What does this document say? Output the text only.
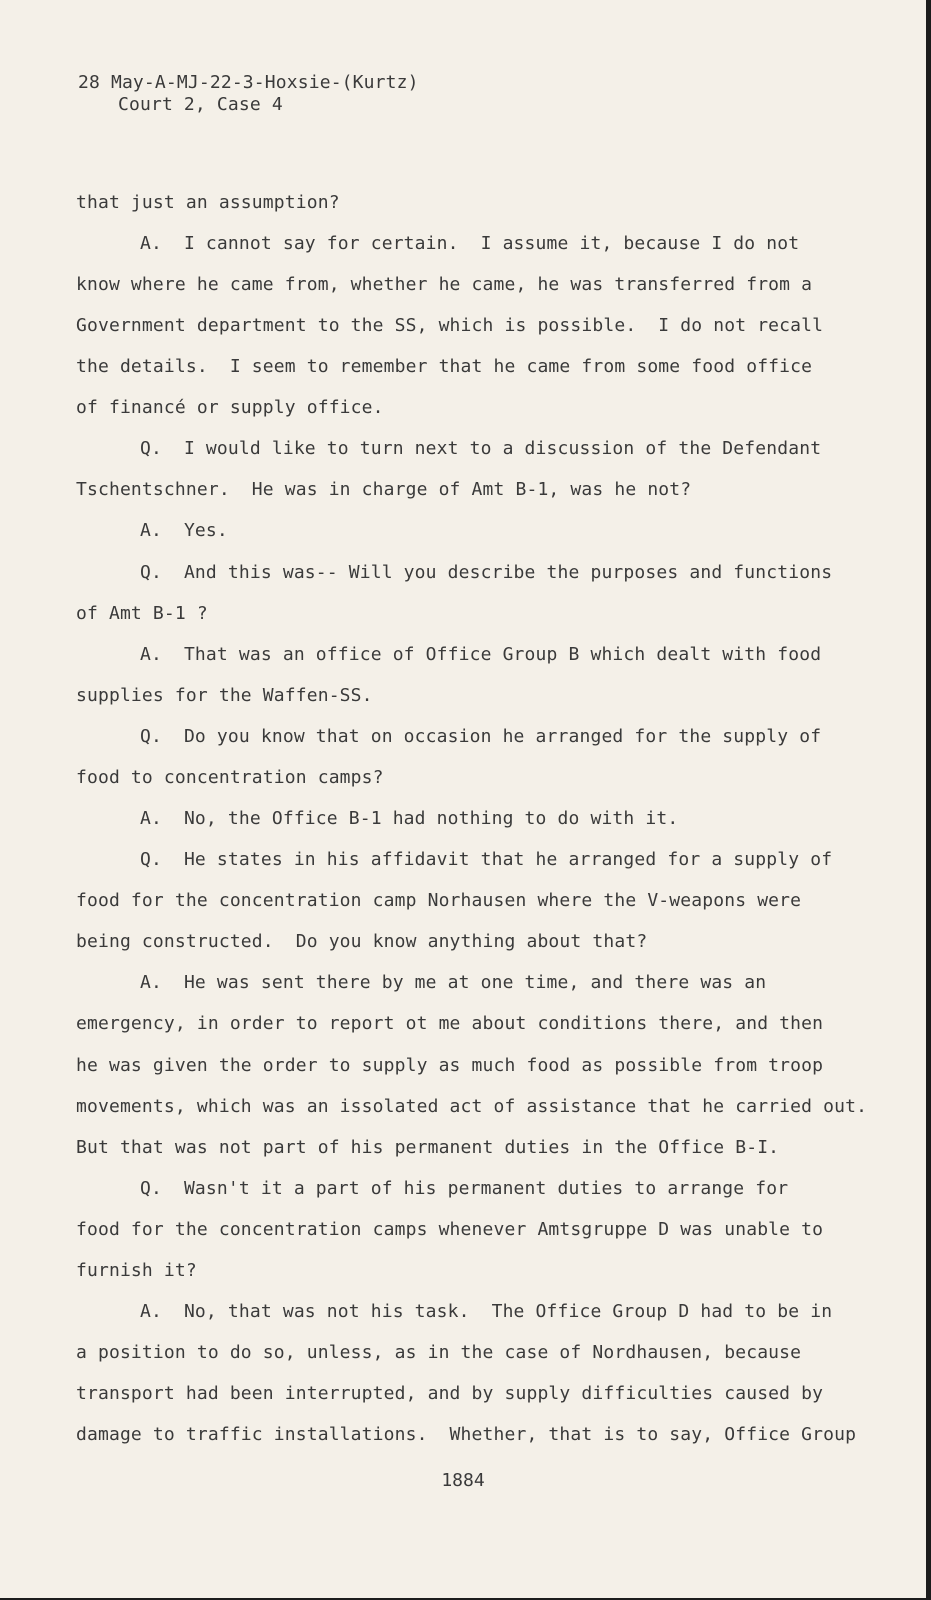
28 May-A-MJ-22-3-Hoxsie-(Kurtz)
Court 2, Case 4
that just an assumption?
A.  I cannot say for certain.  I assume it, because I do not
know where he came from, whether he came, he was transferred from a
Government department to the SS, which is possible.  I do not recall
the details.  I seem to remember that he came from some food office
of financé or supply office.
Q.  I would like to turn next to a discussion of the Defendant
Tschentschner.  He was in charge of Amt B-1, was he not?
A.  Yes.
Q.  And this was-- Will you describe the purposes and functions
of Amt B-1 ?
A.  That was an office of Office Group B which dealt with food
supplies for the Waffen-SS.
Q.  Do you know that on occasion he arranged for the supply of
food to concentration camps?
A.  No, the Office B-1 had nothing to do with it.
Q.  He states in his affidavit that he arranged for a supply of
food for the concentration camp Norhausen where the V-weapons were
being constructed.  Do you know anything about that?
A.  He was sent there by me at one time, and there was an
emergency, in order to report ot me about conditions there, and then
he was given the order to supply as much food as possible from troop
movements, which was an issolated act of assistance that he carried out.
But that was not part of his permanent duties in the Office B-I.
Q.  Wasn't it a part of his permanent duties to arrange for
food for the concentration camps whenever Amtsgruppe D was unable to
furnish it?
A.  No, that was not his task.  The Office Group D had to be in
a position to do so, unless, as in the case of Nordhausen, because
transport had been interrupted, and by supply difficulties caused by
damage to traffic installations.  Whether, that is to say, Office Group
1884
